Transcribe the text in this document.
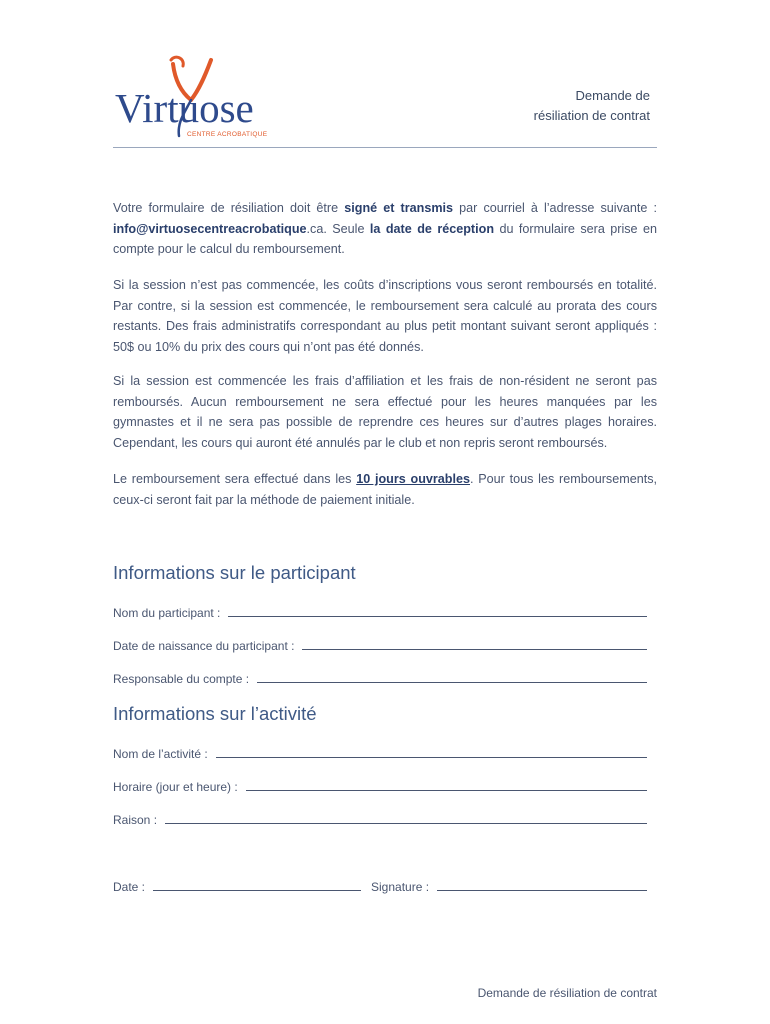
Virtuose
CENTRE ACROBATIQUE
Demande de
résiliation de contrat
Votre formulaire de résiliation doit être signé et transmis par courriel à l’adresse suivante : info@virtuosecentreacrobatique.ca. Seule la date de réception du formulaire sera prise en compte pour le calcul du remboursement.
Si la session n’est pas commencée, les coûts d’inscriptions vous seront remboursés en totalité. Par contre, si la session est commencée, le remboursement sera calculé au prorata des cours restants. Des frais administratifs correspondant au plus petit montant suivant seront appliqués : 50$ ou 10% du prix des cours qui n’ont pas été donnés.
Si la session est commencée les frais d’affiliation et les frais de non-résident ne seront pas remboursés. Aucun remboursement ne sera effectué pour les heures manquées par les gymnastes et il ne sera pas possible de reprendre ces heures sur d’autres plages horaires. Cependant, les cours qui auront été annulés par le club et non repris seront remboursés.
Le remboursement sera effectué dans les 10 jours ouvrables. Pour tous les remboursements, ceux-ci seront fait par la méthode de paiement initiale.
Informations sur le participant
Nom du participant :
Date de naissance du participant :
Responsable du compte :
Informations sur l’activité
Nom de l’activité :
Horaire (jour et heure) :
Raison :
Date :	Signature :
Demande de résiliation de contrat
